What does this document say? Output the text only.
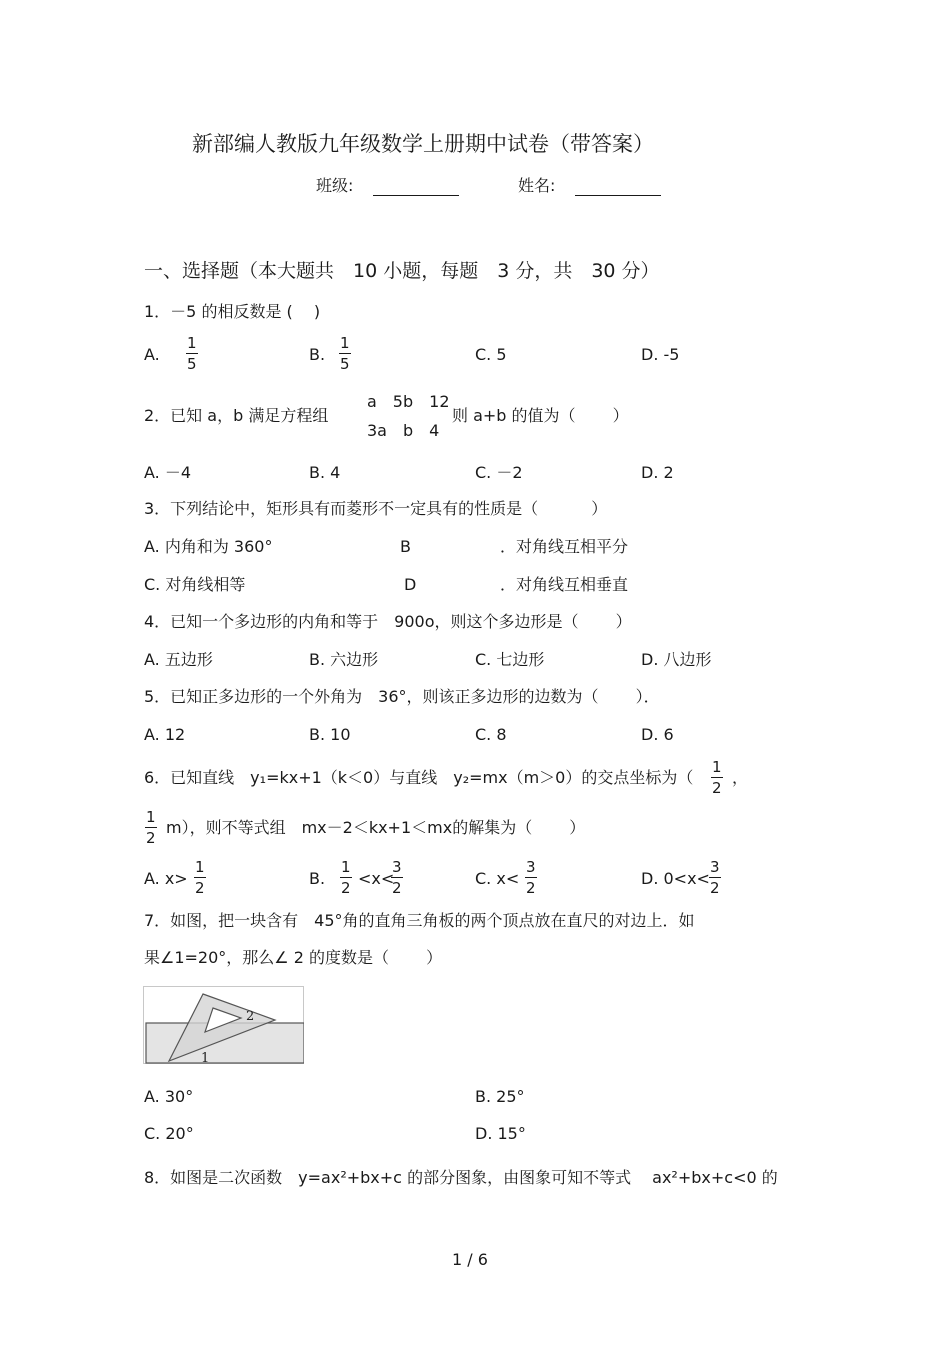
新部编人教版九年级数学上册期中试卷（带答案）
班级:	姓名:
一、选择题（本大题共　10 小题，每题　3 分，共　30 分）
1．－5 的相反数是 (　 )
A. $\frac{1}{5}$	B. $\frac{1}{5}$	C. 5	D. -5
2．已知 a，b 满足方程组
a　5b　12
3a　b　4
则 a+b 的值为（　　 ）
A. －4	B. 4	C. －2	D. 2
3．下列结论中，矩形具有而菱形不一定具有的性质是（　　　 ）
A. 内角和为 360°	B	．对角线互相平分
C. 对角线相等	D	．对角线互相垂直
4．已知一个多边形的内角和等于　900o，则这个多边形是（　　 ）
A. 五边形	B. 六边形	C. 七边形	D. 八边形
5．已知正多边形的一个外角为　36°，则该正多边形的边数为（　　 ）．
A. 12	B. 10	C. 8	D. 6
6．已知直线　y₁=kx+1（k＜0）与直线　y₂=mx（m＞0）的交点坐标为（ $\frac{1}{2}$ ，
$\frac{1}{2} m$），则不等式组　mx－2＜kx+1＜mx的解集为（　　 ）
A. $x> \frac{1}{2}$	B. $\frac{1}{2} <x<$
$\frac{3}{2}$	C. $x< \frac{3}{2}$	D. $0<x< \frac{3}{2}$
7．如图，把一块含有　45°角的直角三角板的两个顶点放在直尺的对边上．如
果∠1=20°，那么∠ 2 的度数是（　　 ）
2
1
A. 30°	B. 25°
C. 20°	D. 15°
8．如图是二次函数　y=ax²+bx+c 的部分图象，由图象可知不等式　 ax²+bx+c<0 的
1 / 6
